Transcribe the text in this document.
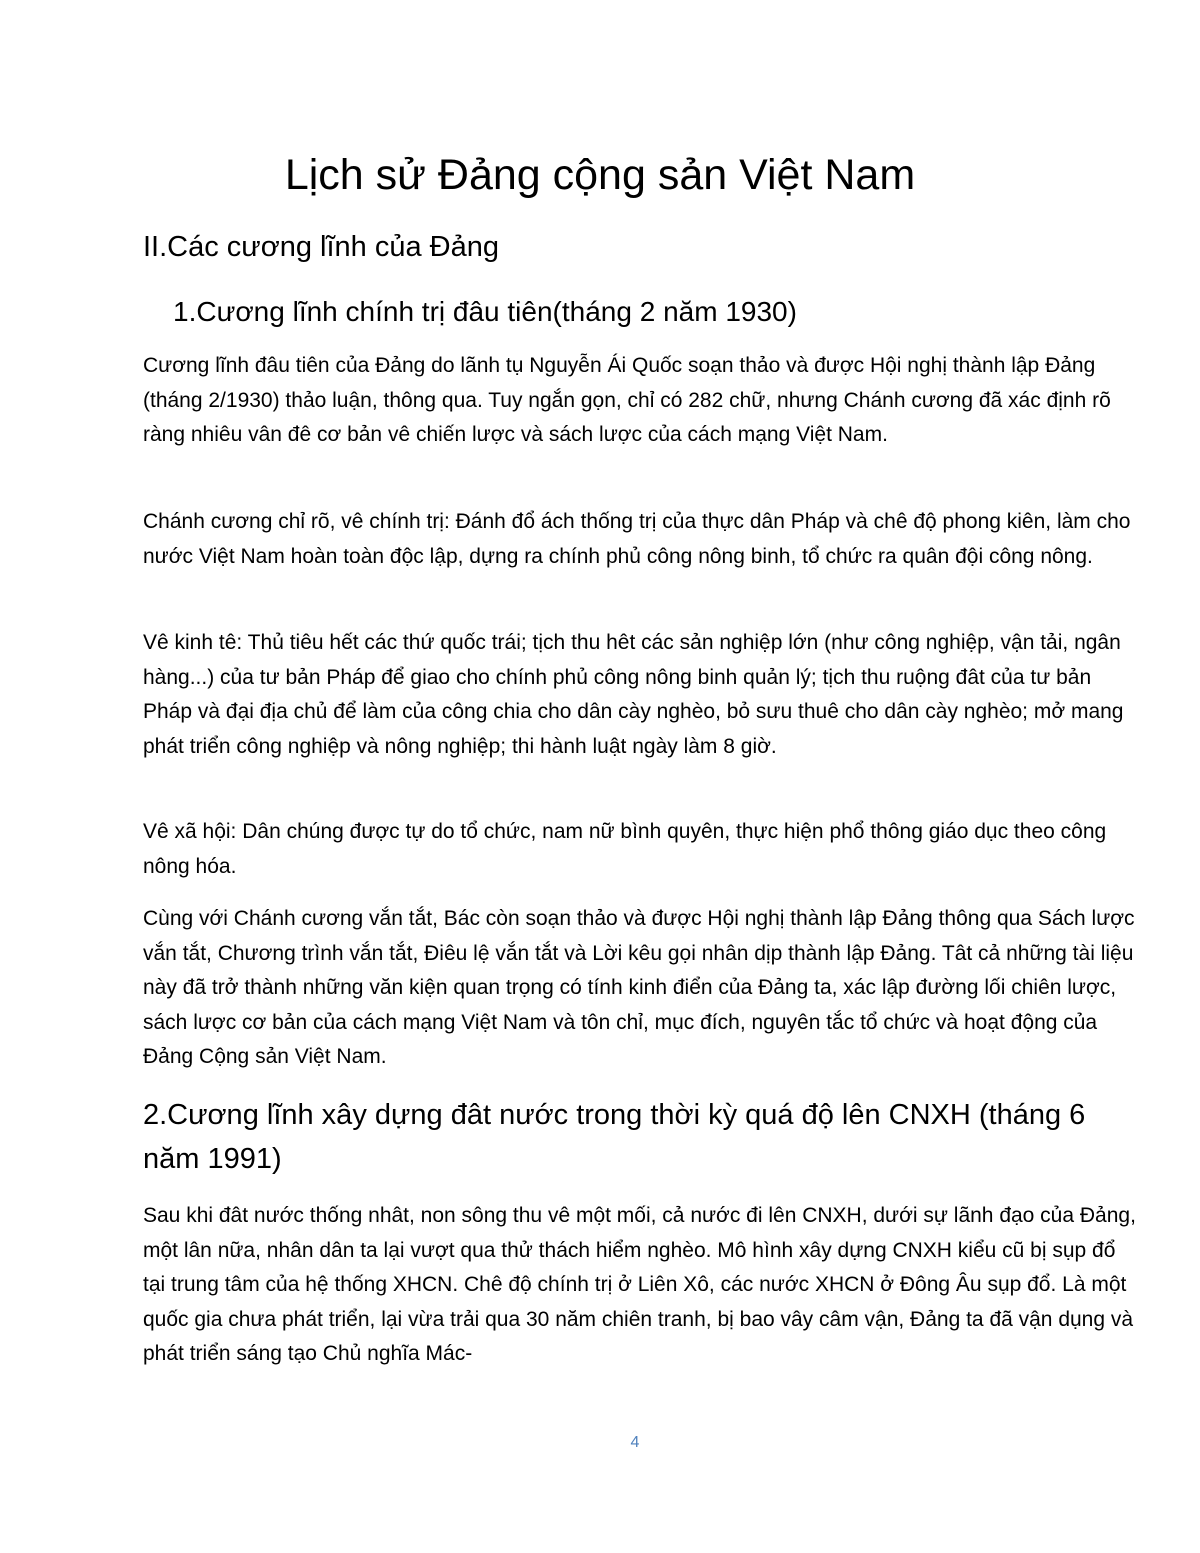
Lịch sử Đảng cộng sản Việt Nam
II.Các cương lĩnh của Đảng
1.Cương lĩnh chính trị đâu tiên(tháng 2 năm 1930)

Cương lĩnh đâu tiên của Đảng do lãnh tụ Nguyễn Ái Quốc soạn thảo và được Hội nghị thành lập Đảng (tháng 2/1930) thảo luận, thông qua. Tuy ngắn gọn, chỉ có 282 chữ, nhưng Chánh cương đã xác định rõ ràng nhiêu vân đê cơ bản vê chiến lược và sách lược của cách mạng Việt Nam.

Chánh cương chỉ rõ, vê chính trị: Đánh đổ ách thống trị của thực dân Pháp và chê độ phong kiên, làm cho nước Việt Nam hoàn toàn độc lập, dựng ra chính phủ công nông binh, tổ chức ra quân đội công nông.

Vê kinh tê: Thủ tiêu hết các thứ quốc trái; tịch thu hêt các sản nghiệp lớn (như công nghiệp, vận tải, ngân hàng...) của tư bản Pháp để giao cho chính phủ công nông binh quản lý; tịch thu ruộng đât của tư bản Pháp và đại địa chủ để làm của công chia cho dân cày nghèo, bỏ sưu thuê cho dân cày nghèo; mở mang phát triển công nghiệp và nông nghiệp; thi hành luật ngày làm 8 giờ.

Vê xã hội: Dân chúng được tự do tổ chức, nam nữ bình quyên, thực hiện phổ thông giáo dục theo công nông hóa.

Cùng với Chánh cương vắn tắt, Bác còn soạn thảo và được Hội nghị thành lập Đảng thông qua Sách lược vắn tắt, Chương trình vắn tắt, Điêu lệ vắn tắt và Lời kêu gọi nhân dịp thành lập Đảng. Tât cả những tài liệu này đã trở thành những văn kiện quan trọng có tính kinh điển của Đảng ta, xác lập đường lối chiên lược, sách lược cơ bản của cách mạng Việt Nam và tôn chỉ, mục đích, nguyên tắc tổ chức và hoạt động của Đảng Cộng sản Việt Nam.

2.Cương lĩnh xây dựng đât nước trong thời kỳ quá độ lên CNXH (tháng 6 năm 1991)

Sau khi đât nước thống nhât, non sông thu vê một mối, cả nước đi lên CNXH, dưới sự lãnh đạo của Đảng, một lân nữa, nhân dân ta lại vượt qua thử thách hiểm nghèo. Mô hình xây dựng CNXH kiểu cũ bị sụp đổ tại trung tâm của hệ thống XHCN. Chê độ chính trị ở Liên Xô, các nước XHCN ở Đông Âu sụp đổ. Là một quốc gia chưa phát triển, lại vừa trải qua 30 năm chiên tranh, bị bao vây câm vận, Đảng ta đã vận dụng và phát triển sáng tạo Chủ nghĩa Mác-

4
